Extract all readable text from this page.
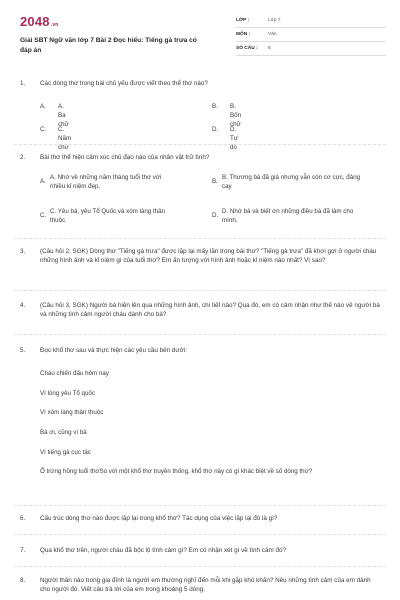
2048.vn
Giải SBT Ngữ văn lớp 7 Bài 2 Đọc hiểu: Tiếng gà trưa có đáp án
LỚP :	Lớp 7
MÔN :	Văn
SỐ CÂU :	8
1. Các dòng thơ trong bài chủ yếu được viết theo thể thơ nào?
A. A. Ba chữ
B. B. Bốn chữ
C. C. Năm chữ
D. D. Tự do
2. Bài thơ thể hiện cảm xúc chủ đạo nào của nhân vật trữ tình?
A.
A. Nhớ về những năm tháng tuổi thơ với nhiều kỉ niệm đẹp.
B.
B. Thương bà đã già nhưng vẫn còn cơ cực, đảng cay
C.
C. Yêu bà, yêu Tổ Quốc và xóm làng thân thuộc
D.
D. Nhớ bà và biết ơn những điều bà đã làm cho mình.
3. (Câu hỏi 2, SGK) Dòng thơ "Tiếng gà trưa" được lặp lại mấy lần trong bài thơ? "Tiếng gà trưa" đã khơi gợi ở người cháu những hình ảnh và kỉ niệm gì của tuổi thơ? Em ấn tượng với hình ảnh hoặc kỉ niệm nào nhất? Vì sao?
4. (Câu hỏi 3, SGK) Người bà hiện lên qua những hình ảnh, chi tiết nào? Qua đó, em có cảm nhận như thế nào về người bà và những tình cảm người cháu dành cho bà?
5. Đọc khổ thơ sau và thực hiện các yêu cầu bên dưới:
Cháu chiến đấu hôm nay
Vì lòng yêu Tổ quốc
Vì xóm làng thân thuộc
Bà ơi, cũng vì bà
Vì tiếng gà cục tác
Ổ trứng hồng tuổi thơSo với một khổ thơ truyền thống, khổ thơ này có gì khác biệt về số dòng thơ?
6. Cấu trúc dòng thơ nào được lặp lại trong khổ thơ? Tác dụng của việc lặp lại đó là gì?
7. Qua khổ thơ trên, người cháu đã bộc lộ tình cảm gì? Em có nhận xét gì về tình cảm đó?
8. Người thân nào trong gia đình là người em thường nghĩ đến mỗi khi gặp khó khăn? Nêu những tình cảm của em dành cho người đó. Viết câu trả lời của em trong khoảng 5 dòng.
